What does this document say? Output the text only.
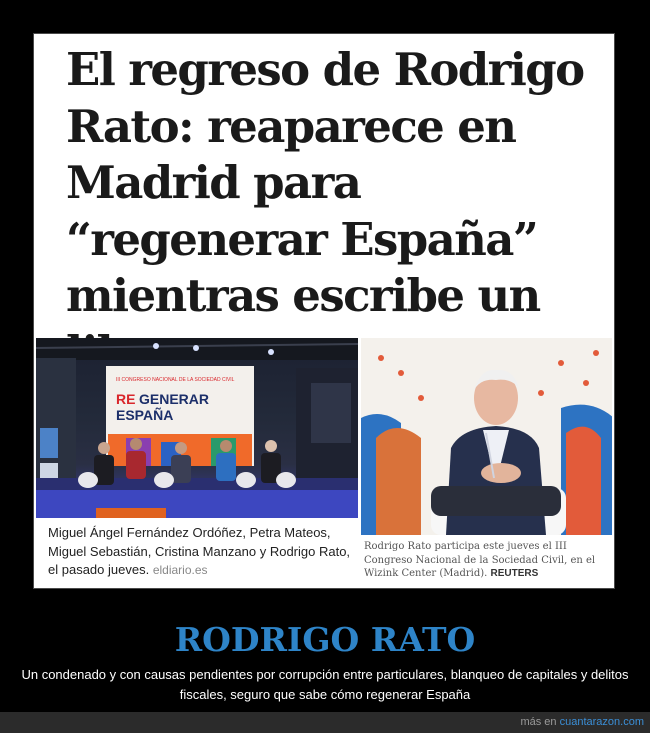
El regreso de Rodrigo Rato: reaparece en Madrid para “regenerar España” mientras escribe un
III CONGRESO NACIONAL DE LA SOCIEDAD CIVIL
RE GENERAR
ESPAÑA

Miguel Ángel Fernández Ordóñez, Petra Mateos, Miguel Sebastián, Cristina Manzano y Rodrigo Rato, el pasado jueves. eldiario.es

Rodrigo Rato participa este jueves el III Congreso Nacional de la Sociedad Civil, en el Wizink Center (Madrid). REUTERS

RODRIGO RATO

Un condenado y con causas pendientes por corrupción entre particulares, blanqueo de capitales y delitos fiscales, seguro que sabe cómo regenerar España

más en cuantarazon.com
